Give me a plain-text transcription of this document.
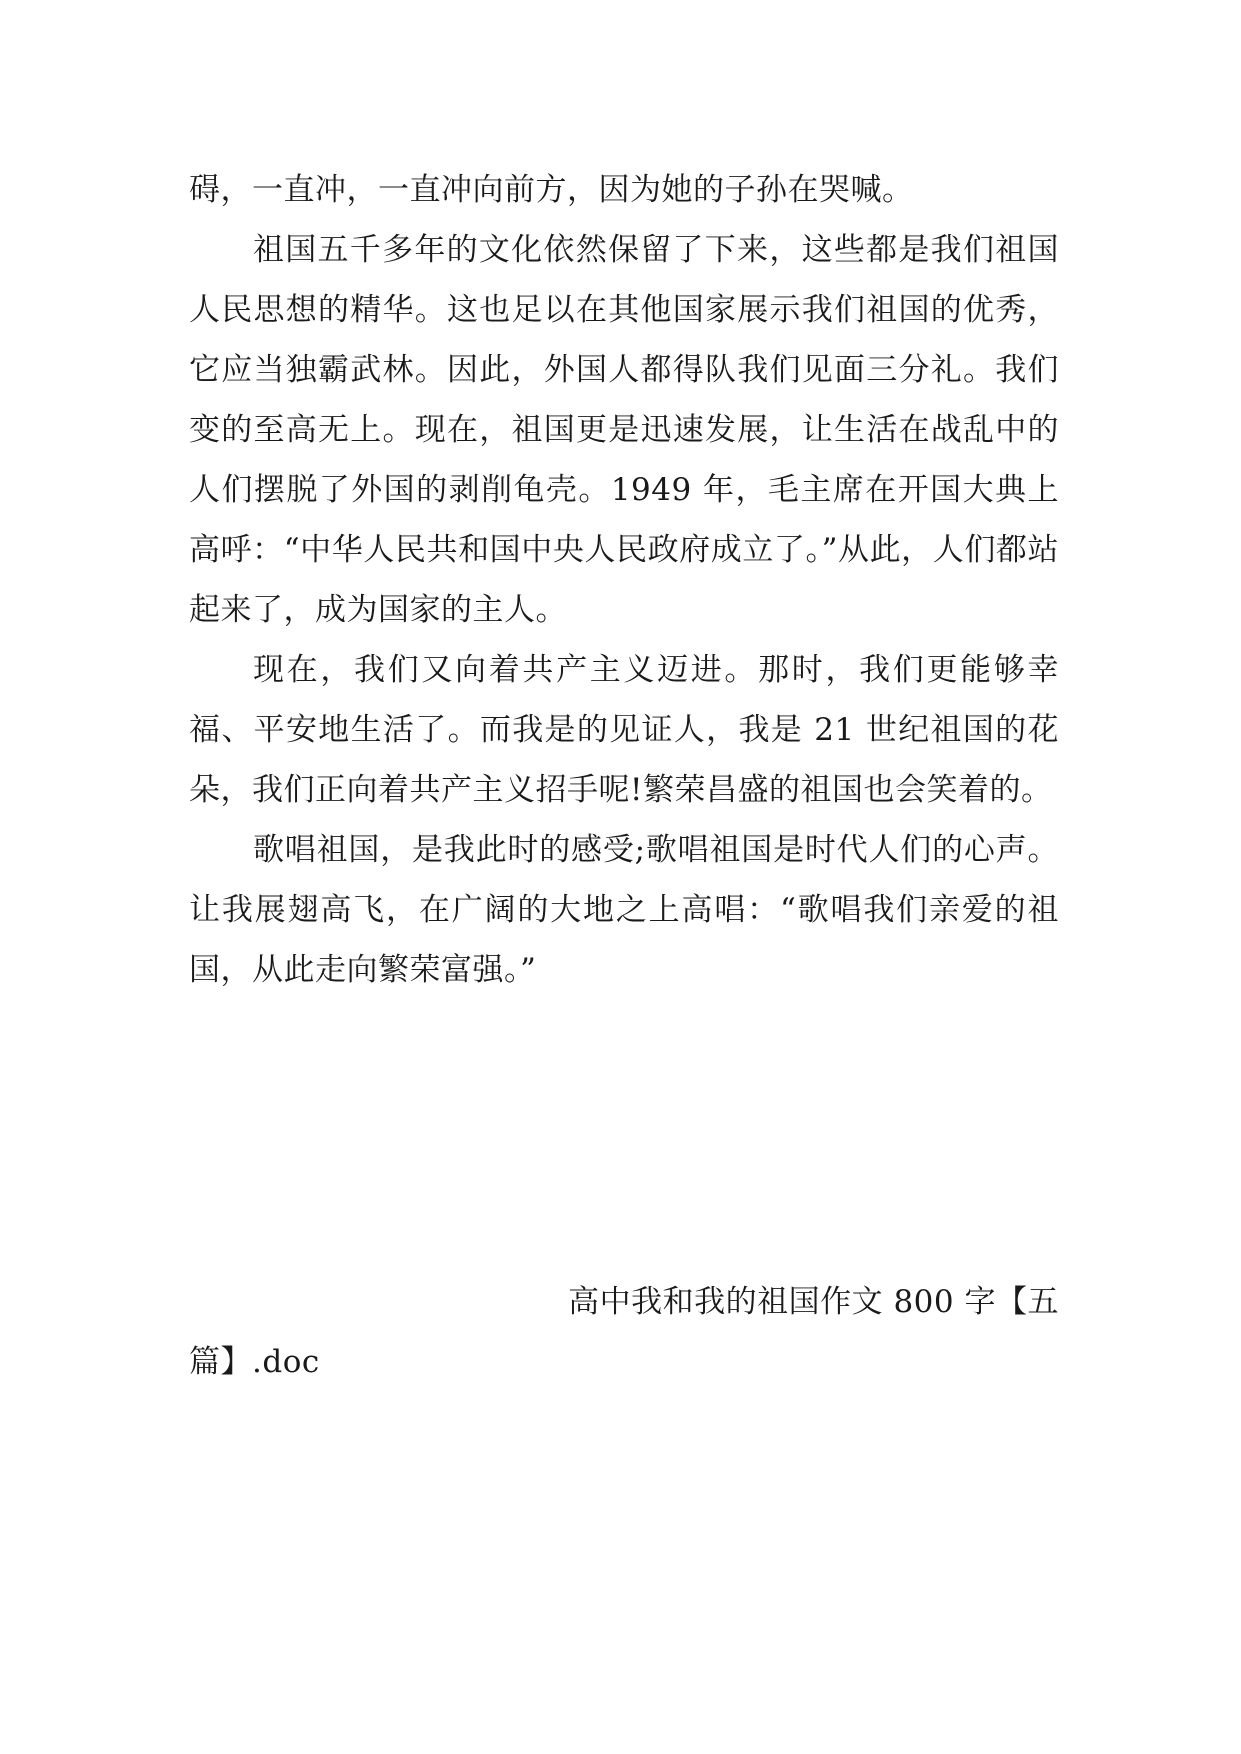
碍，一直冲，一直冲向前方，因为她的子孙在哭喊。

祖国五千多年的文化依然保留了下来，这些都是我们祖国人民思想的精华。这也足以在其他国家展示我们祖国的优秀，它应当独霸武林。因此，外国人都得队我们见面三分礼。我们变的至高无上。现在，祖国更是迅速发展，让生活在战乱中的人们摆脱了外国的剥削龟壳。1949 年，毛主席在开国大典上高呼：“中华人民共和国中央人民政府成立了。”从此，人们都站起来了，成为国家的主人。

现在，我们又向着共产主义迈进。那时，我们更能够幸福、平安地生活了。而我是的见证人，我是 21 世纪祖国的花朵，我们正向着共产主义招手呢!繁荣昌盛的祖国也会笑着的。

歌唱祖国，是我此时的感受;歌唱祖国是时代人们的心声。让我展翅高飞，在广阔的大地之上高唱：“歌唱我们亲爱的祖国，从此走向繁荣富强。”

高中我和我的祖国作文 800 字【五

篇】.doc
